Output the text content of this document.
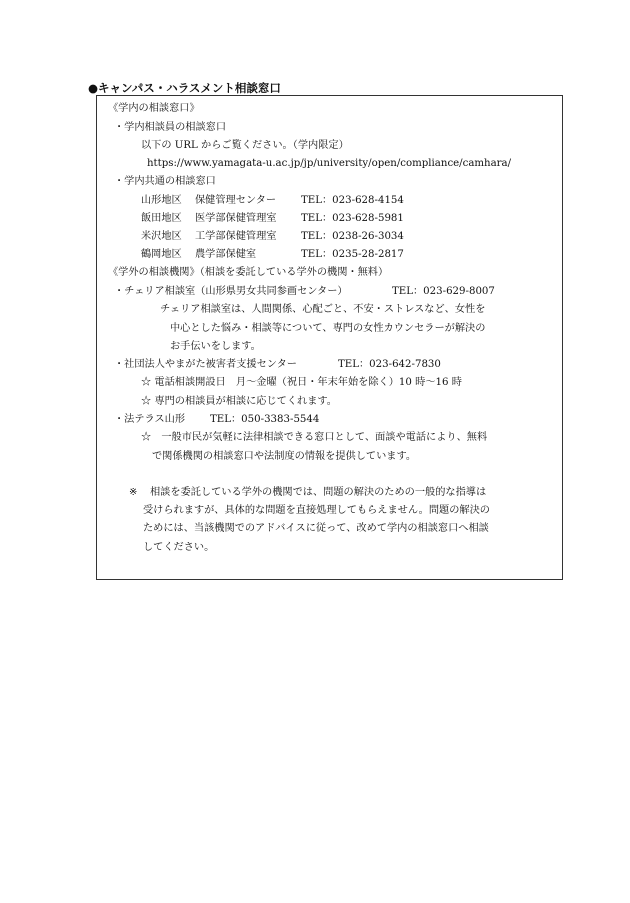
●キャンパス・ハラスメント相談窓口
《学内の相談窓口》
・学内相談員の相談窓口
以下の URL からご覧ください。（学内限定）
https://www.yamagata-u.ac.jp/jp/university/open/compliance/camhara/
・学内共通の相談窓口
山形地区 保健管理センター TEL：023-628-4154
飯田地区 医学部保健管理室 TEL：023-628-5981
米沢地区 工学部保健管理室 TEL：0238-26-3034
鶴岡地区 農学部保健室	TEL：0235-28-2817
《学外の相談機関》（相談を委託している学外の機関・無料）
・チェリア相談室（山形県男女共同参画センター）	TEL：023-629-8007
チェリア相談室は、人間関係、心配ごと、不安・ストレスなど、女性を
中心とした悩み・相談等について、専門の女性カウンセラーが解決の
お手伝いをします。
・社団法人やまがた被害者支援センター	TEL：023-642-7830
☆ 電話相談開設日　月～金曜（祝日・年末年始を除く）10 時～16 時
☆ 専門の相談員が相談に応じてくれます。
・法テラス山形 TEL：050-3383-5544
☆　一般市民が気軽に法律相談できる窓口として、面談や電話により、無料
で関係機関の相談窓口や法制度の情報を提供しています。
※ 相談を委託している学外の機関では、問題の解決のための一般的な指導は
受けられますが、具体的な問題を直接処理してもらえません。問題の解決の
ためには、当該機関でのアドバイスに従って、改めて学内の相談窓口へ相談
してください。
